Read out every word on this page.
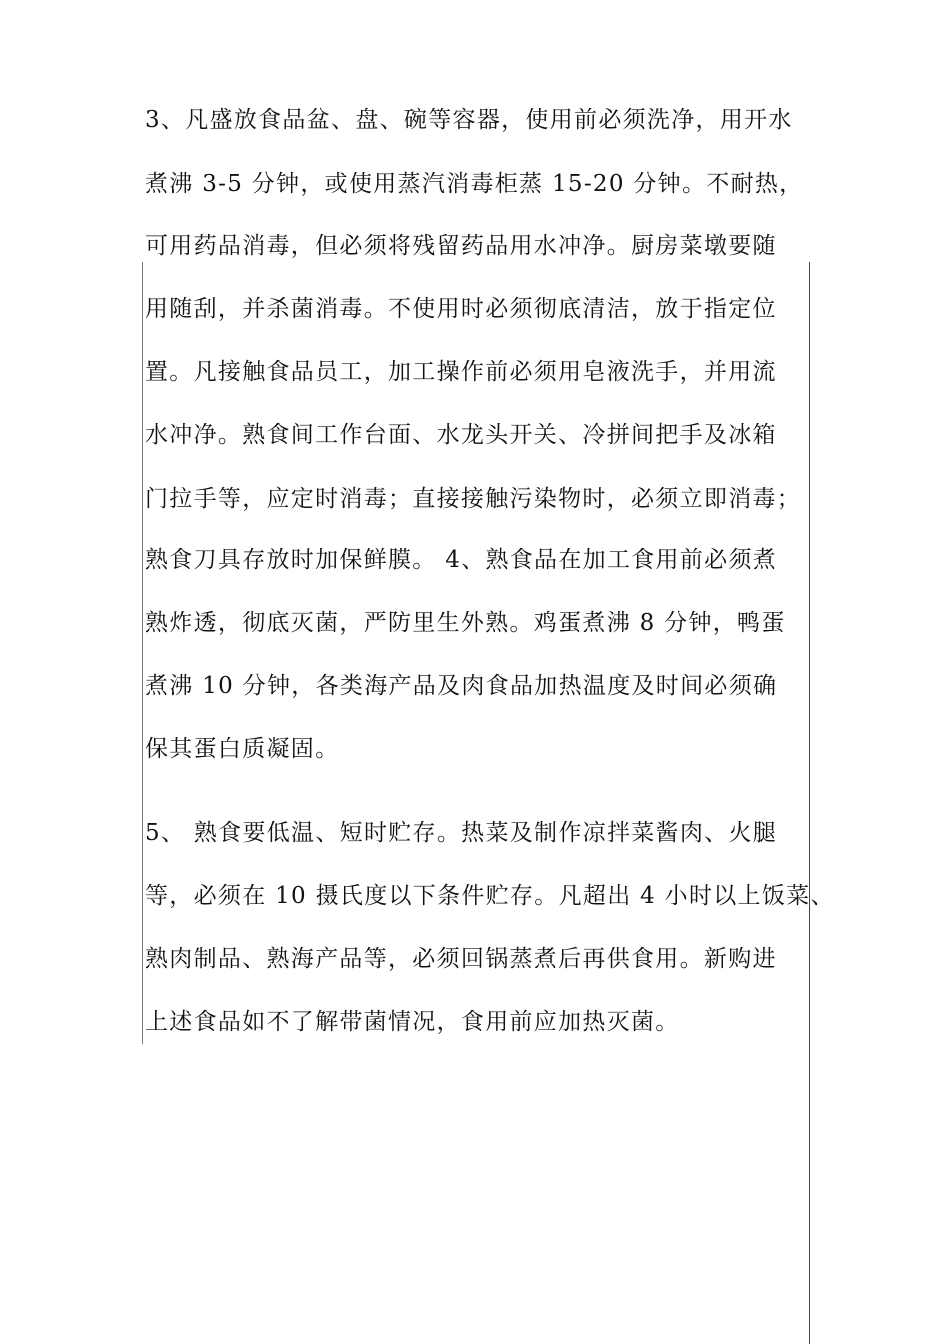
3、凡盛放食品盆、盘、碗等容器，使用前必须洗净，用开水
煮沸 3-5 分钟，或使用蒸汽消毒柜蒸 15-20 分钟。不耐热，
可用药品消毒，但必须将残留药品用水冲净。厨房菜墩要随
用随刮，并杀菌消毒。不使用时必须彻底清洁，放于指定位
置。凡接触食品员工，加工操作前必须用皂液洗手，并用流
水冲净。熟食间工作台面、水龙头开关、冷拼间把手及冰箱
门拉手等，应定时消毒；直接接触污染物时，必须立即消毒；
熟食刀具存放时加保鲜膜。 4、熟食品在加工食用前必须煮
熟炸透，彻底灭菌，严防里生外熟。鸡蛋煮沸 8 分钟，鸭蛋
煮沸 10 分钟，各类海产品及肉食品加热温度及时间必须确
保其蛋白质凝固。
5、 熟食要低温、短时贮存。热菜及制作凉拌菜酱肉、火腿
等，必须在 10 摄氏度以下条件贮存。凡超出 4 小时以上饭菜、
熟肉制品、熟海产品等，必须回锅蒸煮后再供食用。新购进
上述食品如不了解带菌情况，食用前应加热灭菌。
